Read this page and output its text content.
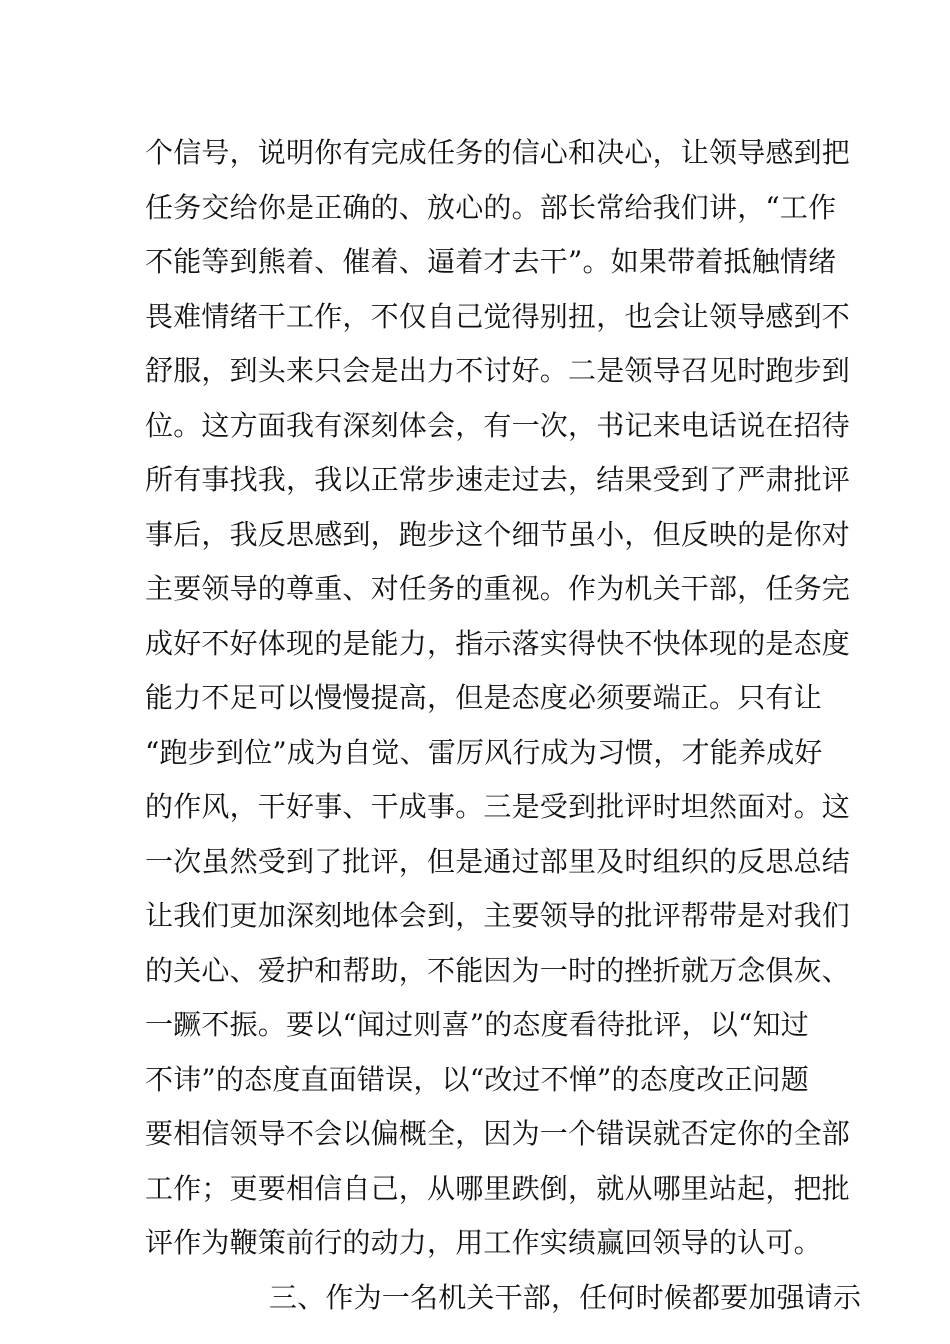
个信号，说明你有完成任务的信心和决心，让领导感到把
任务交给你是正确的、放心的。部长常给我们讲，“工作
不能等到熊着、催着、逼着才去干”。如果带着抵触情绪
畏难情绪干工作，不仅自己觉得别扭，也会让领导感到不
舒服，到头来只会是出力不讨好。二是领导召见时跑步到
位。这方面我有深刻体会，有一次，书记来电话说在招待
所有事找我，我以正常步速走过去，结果受到了严肃批评
事后，我反思感到，跑步这个细节虽小，但反映的是你对
主要领导的尊重、对任务的重视。作为机关干部，任务完
成好不好体现的是能力，指示落实得快不快体现的是态度
能力不足可以慢慢提高，但是态度必须要端正。只有让
“跑步到位”成为自觉、雷厉风行成为习惯，才能养成好
的作风，干好事、干成事。三是受到批评时坦然面对。这
一次虽然受到了批评，但是通过部里及时组织的反思总结
让我们更加深刻地体会到，主要领导的批评帮带是对我们
的关心、爱护和帮助，不能因为一时的挫折就万念俱灰、
一蹶不振。要以“闻过则喜”的态度看待批评，以“知过
不讳”的态度直面错误，以“改过不惮”的态度改正问题
要相信领导不会以偏概全，因为一个错误就否定你的全部
工作；更要相信自己，从哪里跌倒，就从哪里站起，把批
评作为鞭策前行的动力，用工作实绩赢回领导的认可。
三、作为一名机关干部，任何时候都要加强请示
